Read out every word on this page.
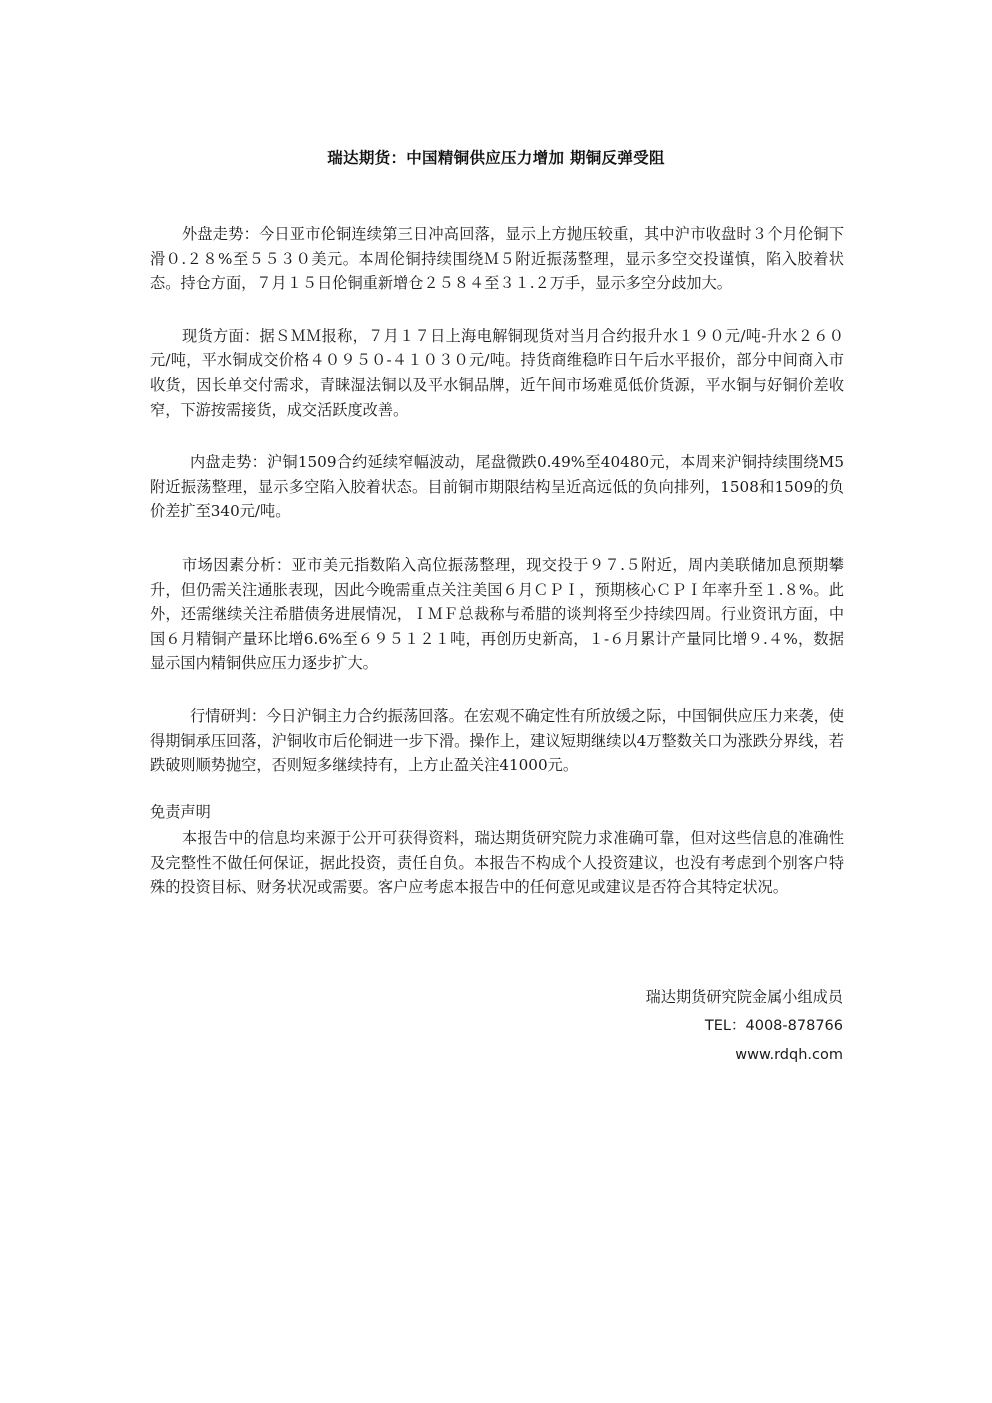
瑞达期货：中国精铜供应压力增加 期铜反弹受阻

外盘走势：今日亚市伦铜连续第三日冲高回落，显示上方抛压较重，其中沪市收盘时３个月伦铜下滑０.２８%至５５３０美元。本周伦铜持续围绕Ｍ５附近振荡整理，显示多空交投谨慎，陷入胶着状态。持仓方面，７月１５日伦铜重新增仓２５８４至３１.２万手，显示多空分歧加大。

现货方面：据ＳＭＭ报称，７月１７日上海电解铜现货对当月合约报升水１９０元/吨-升水２６０元/吨，平水铜成交价格４０９５０-４１０３０元/吨。持货商维稳昨日午后水平报价，部分中间商入市收货，因长单交付需求，青睐湿法铜以及平水铜品牌，近午间市场难觅低价货源，平水铜与好铜价差收窄，下游按需接货，成交活跃度改善。

内盘走势：沪铜1509合约延续窄幅波动，尾盘微跌0.49%至40480元，本周来沪铜持续围绕M5附近振荡整理，显示多空陷入胶着状态。目前铜市期限结构呈近高远低的负向排列，1508和1509的负价差扩至340元/吨。

市场因素分析：亚市美元指数陷入高位振荡整理，现交投于９７.５附近，周内美联储加息预期攀升，但仍需关注通胀表现，因此今晚需重点关注美国６月ＣＰＩ，预期核心ＣＰＩ年率升至１.８%。此外，还需继续关注希腊债务进展情况，ＩＭＦ总裁称与希腊的谈判将至少持续四周。行业资讯方面，中国６月精铜产量环比增6.6%至６９５１２１吨，再创历史新高，１-６月累计产量同比增９.４%，数据显示国内精铜供应压力逐步扩大。

行情研判：今日沪铜主力合约振荡回落。在宏观不确定性有所放缓之际，中国铜供应压力来袭，使得期铜承压回落，沪铜收市后伦铜进一步下滑。操作上，建议短期继续以4万整数关口为涨跌分界线，若跌破则顺势抛空，否则短多继续持有，上方止盈关注41000元。

免责声明

本报告中的信息均来源于公开可获得资料，瑞达期货研究院力求准确可靠，但对这些信息的准确性及完整性不做任何保证，据此投资，责任自负。本报告不构成个人投资建议，也没有考虑到个别客户特殊的投资目标、财务状况或需要。客户应考虑本报告中的任何意见或建议是否符合其特定状况。

瑞达期货研究院金属小组成员
TEL：4008-878766
www.rdqh.com
